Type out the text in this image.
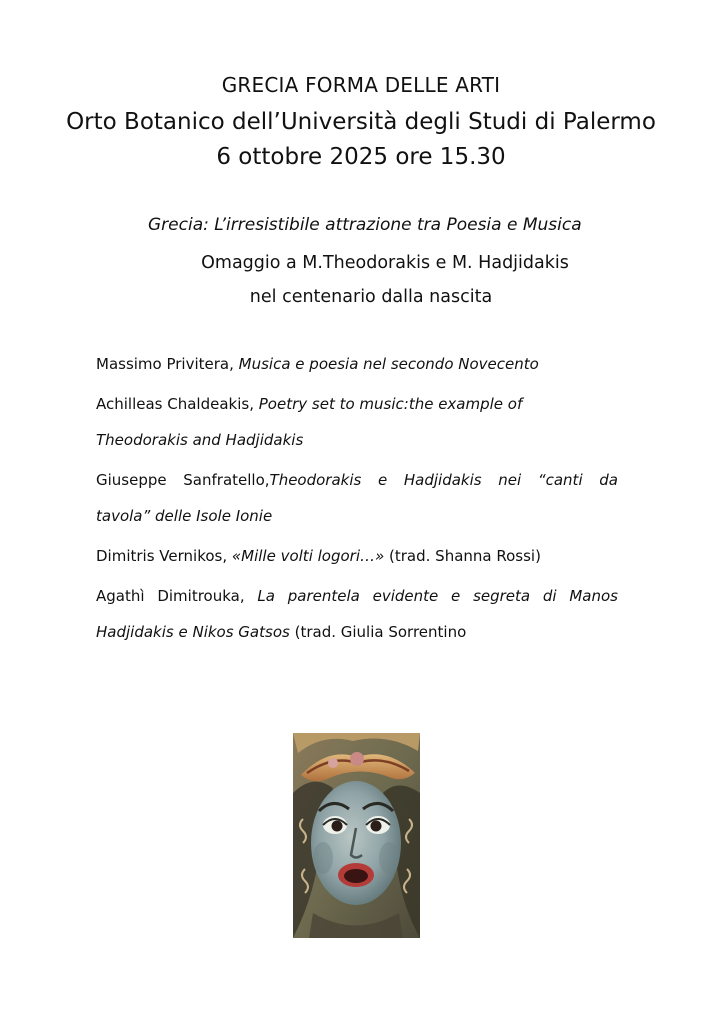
GRECIA FORMA DELLE ARTI
Orto Botanico dell’Università degli Studi di Palermo
6 ottobre 2025 ore 15.30
Grecia: L’irresistibile attrazione tra Poesia e Musica
Omaggio a M.Theodorakis e M. Hadjidakis
nel centenario dalla nascita
Massimo Privitera, Musica e poesia nel secondo Novecento
Achilleas Chaldeakis, Poetry set to music:the example of
Theodorakis and Hadjidakis
Giuseppe Sanfratello,Theodorakis e Hadjidakis nei “canti da
tavola” delle Isole Ionie
Dimitris Vernikos, «Mille volti logori…» (trad. Shanna Rossi)
Agathì Dimitrouka, La parentela evidente e segreta di Manos
Hadjidakis e Nikos Gatsos (trad. Giulia Sorrentino
